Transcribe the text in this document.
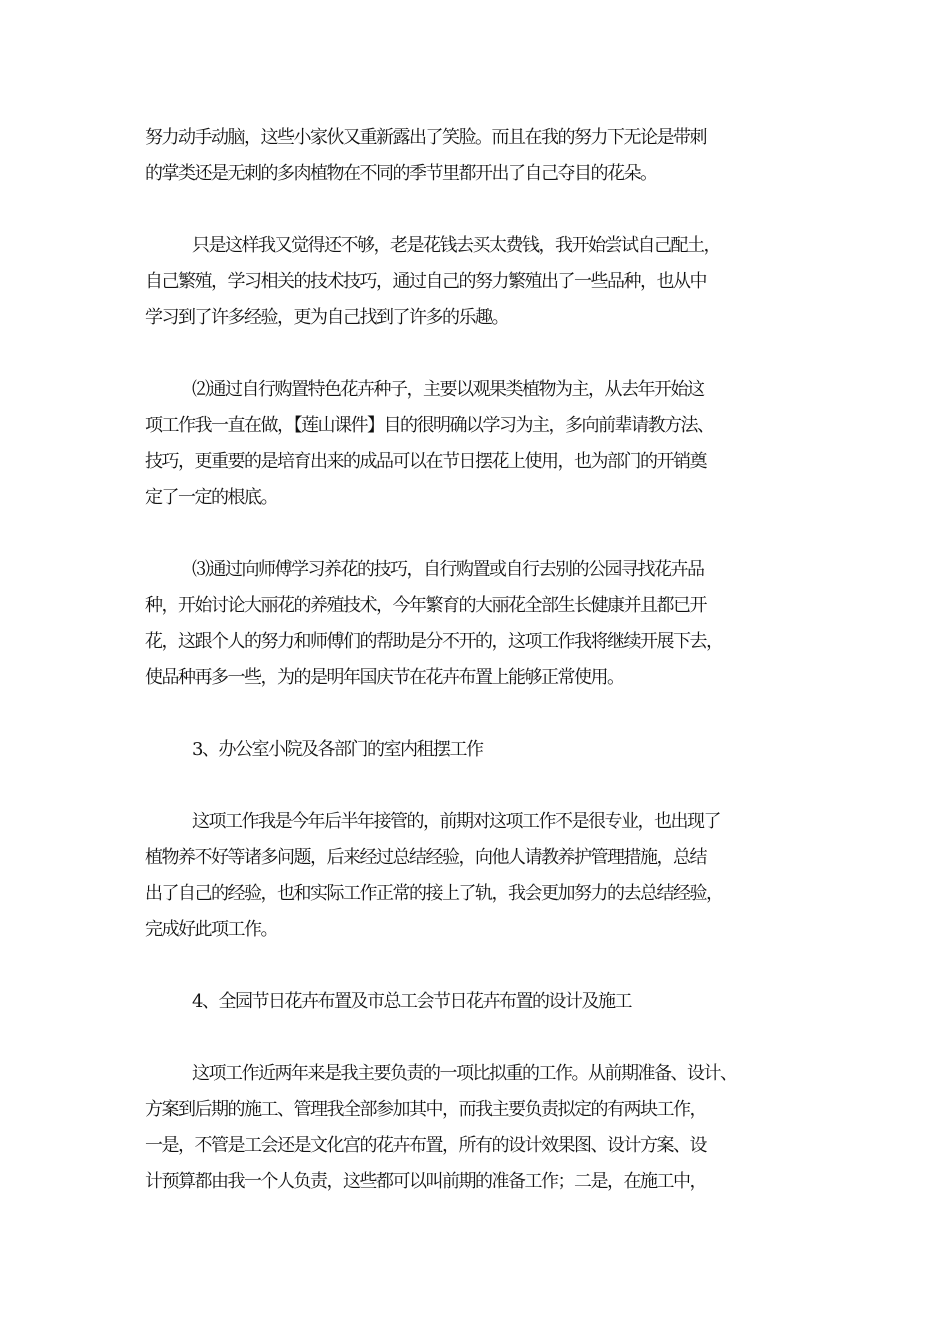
努力动手动脑，这些小家伙又重新露出了笑脸。而且在我的努力下无论是带刺
的掌类还是无刺的多肉植物在不同的季节里都开出了自己夺目的花朵。
只是这样我又觉得还不够，老是花钱去买太费钱，我开始尝试自己配土，
自己繁殖，学习相关的技术技巧，通过自己的努力繁殖出了一些品种，也从中
学习到了许多经验，更为自己找到了许多的乐趣。
⑵通过自行购置特色花卉种子，主要以观果类植物为主，从去年开始这
项工作我一直在做，【莲山课件】目的很明确以学习为主，多向前辈请教方法、
技巧，更重要的是培育出来的成品可以在节日摆花上使用，也为部门的开销奠
定了一定的根底。
⑶通过向师傅学习养花的技巧，自行购置或自行去别的公园寻找花卉品
种，开始讨论大丽花的养殖技术，今年繁育的大丽花全部生长健康并且都已开
花，这跟个人的努力和师傅们的帮助是分不开的，这项工作我将继续开展下去，
使品种再多一些，为的是明年国庆节在花卉布置上能够正常使用。
3、办公室小院及各部门的室内租摆工作
这项工作我是今年后半年接管的，前期对这项工作不是很专业，也出现了
植物养不好等诸多问题，后来经过总结经验，向他人请教养护管理措施，总结
出了自己的经验，也和实际工作正常的接上了轨，我会更加努力的去总结经验，
完成好此项工作。
4、全园节日花卉布置及市总工会节日花卉布置的设计及施工
这项工作近两年来是我主要负责的一项比拟重的工作。从前期准备、设计、
方案到后期的施工、管理我全部参加其中，而我主要负责拟定的有两块工作，
一是，不管是工会还是文化宫的花卉布置，所有的设计效果图、设计方案、设
计预算都由我一个人负责，这些都可以叫前期的准备工作；二是，在施工中，
